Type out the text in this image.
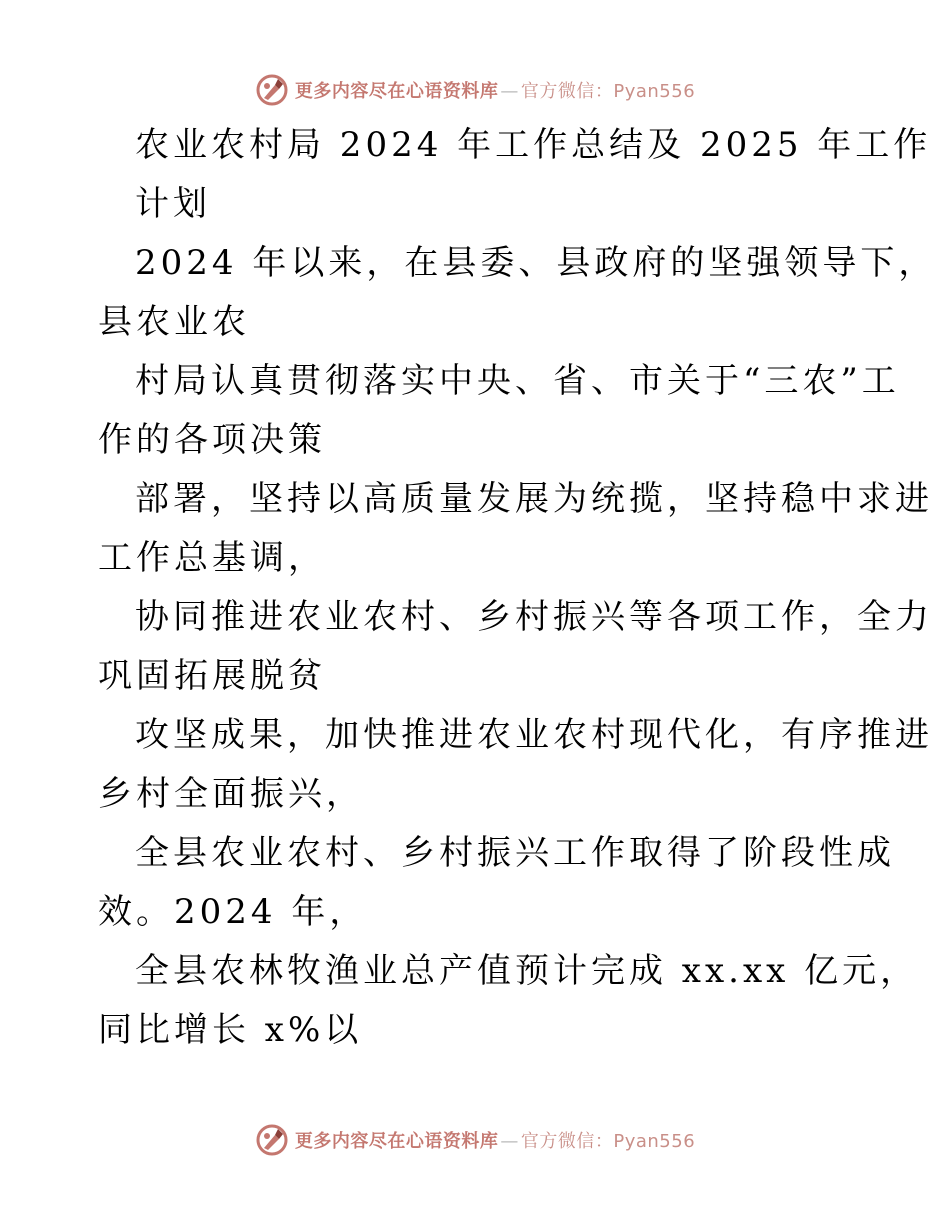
更多内容尽在心语资料库 — 官方微信：Pyan556
农业农村局 2024 年工作总结及 2025 年工作
计划
2024 年以来，在县委、县政府的坚强领导下，
县农业农
村局认真贯彻落实中央、省、市关于“三农”工
作的各项决策
部署，坚持以高质量发展为统揽，坚持稳中求进
工作总基调，
协同推进农业农村、乡村振兴等各项工作，全力
巩固拓展脱贫
攻坚成果，加快推进农业农村现代化，有序推进
乡村全面振兴，
全县农业农村、乡村振兴工作取得了阶段性成
效。2024 年，
全县农林牧渔业总产值预计完成 xx.xx 亿元，
同比增长 x%以
更多内容尽在心语资料库 — 官方微信：Pyan556
